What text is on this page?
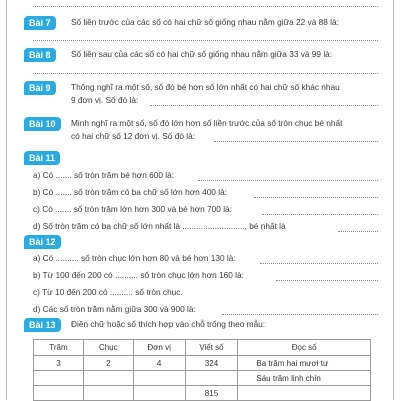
Bài 7	Số liền trước của các số có hai chữ số giống nhau nằm giữa 22 và 88 là:
Bài 8	Số liền sau của các số có hai chữ số giống nhau nằm giữa 33 và 99 là:
Bài 9	Thông nghĩ ra một số, số đó bé hơn số lớn nhất có hai chữ số khác nhau
9 đơn vị. Số đó là:
Bài 10	Minh nghĩ ra một số, số đó lớn hơn số liền trước của số tròn chục bé nhất
có hai chữ số 12 đơn vị. Số đó là:
Bài 11
a) Có ....... số tròn trăm bé hơn 600 là:
b) Có ....... số tròn trăm có ba chữ số lớn hơn 400 là:
c) Có ....... số tròn trăm lớn hơn 300 và bé hơn 700 là:
d) Số tròn trăm có ba chữ số lớn nhất là ..........................., bé nhất là
Bài 12
a) Có .......... số tròn chục lớn hơn 80 và bé hơn 130 là:
b) Từ 100 đến 200 có .......... số tròn chục lớn hơn 160 là:
c) Từ 10 đến 200 có .......... số tròn chục.
d) Các số tròn trăm nằm giữa 300 và 900 là:
Bài 13	Điền chữ hoặc số thích hợp vào chỗ trống theo mẫu:
Trăm	Chục	Đơn vị	Viết số	Đọc số
3	2	4	324	Ba trăm hai mươi tư
				Sáu trăm linh chín
			815	
